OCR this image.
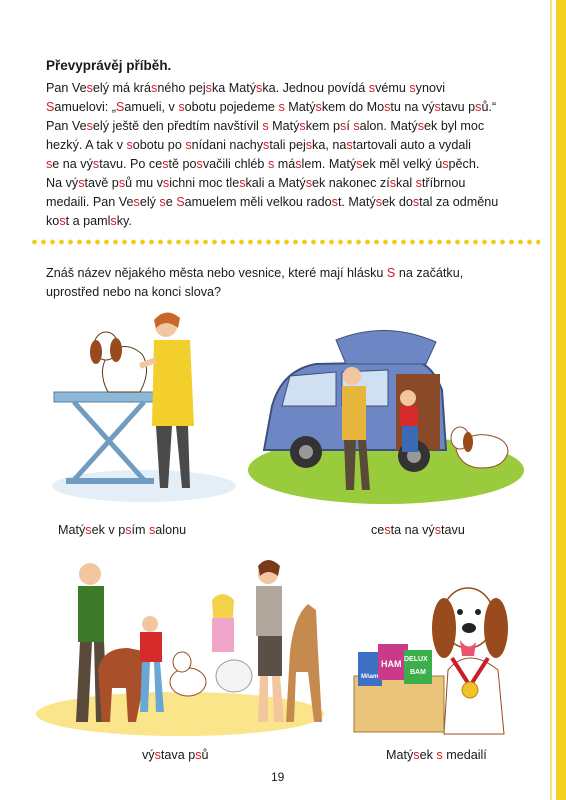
Převyprávěj příběh.
Pan Veselý má krásného pejska Matýska. Jednou povídá svému synovi
Samuelovi: „Samueli, v sobotu pojedeme s Matýskem do Mostu na výstavu psů.“
Pan Veselý ještě den předtím navštívil s Matýskem psí salon. Matýsek byl moc
hezký. A tak v sobotu po snídani nachystali pejska, nastartovali auto a vydali
se na výstavu. Po cestě posvačili chléb s máslem. Matýsek měl velký úspěch.
Na výstavě psů mu vsichni moc tleskali a Matýsek nakonec získal stříbrnou
medaili. Pan Veselý se Samuelem měli velkou radost. Matýsek dostal za odměnu
kost a pamlsky.
Znáš název nějakého města nebo vesnice, které mají hlásku S na začátku,
uprostřed nebo na konci slova?
Matýsek v psím salonu	cesta na výstavu
HAM DELUX
BAM
Mňam
výstava psů	Matýsek s medailí
19
